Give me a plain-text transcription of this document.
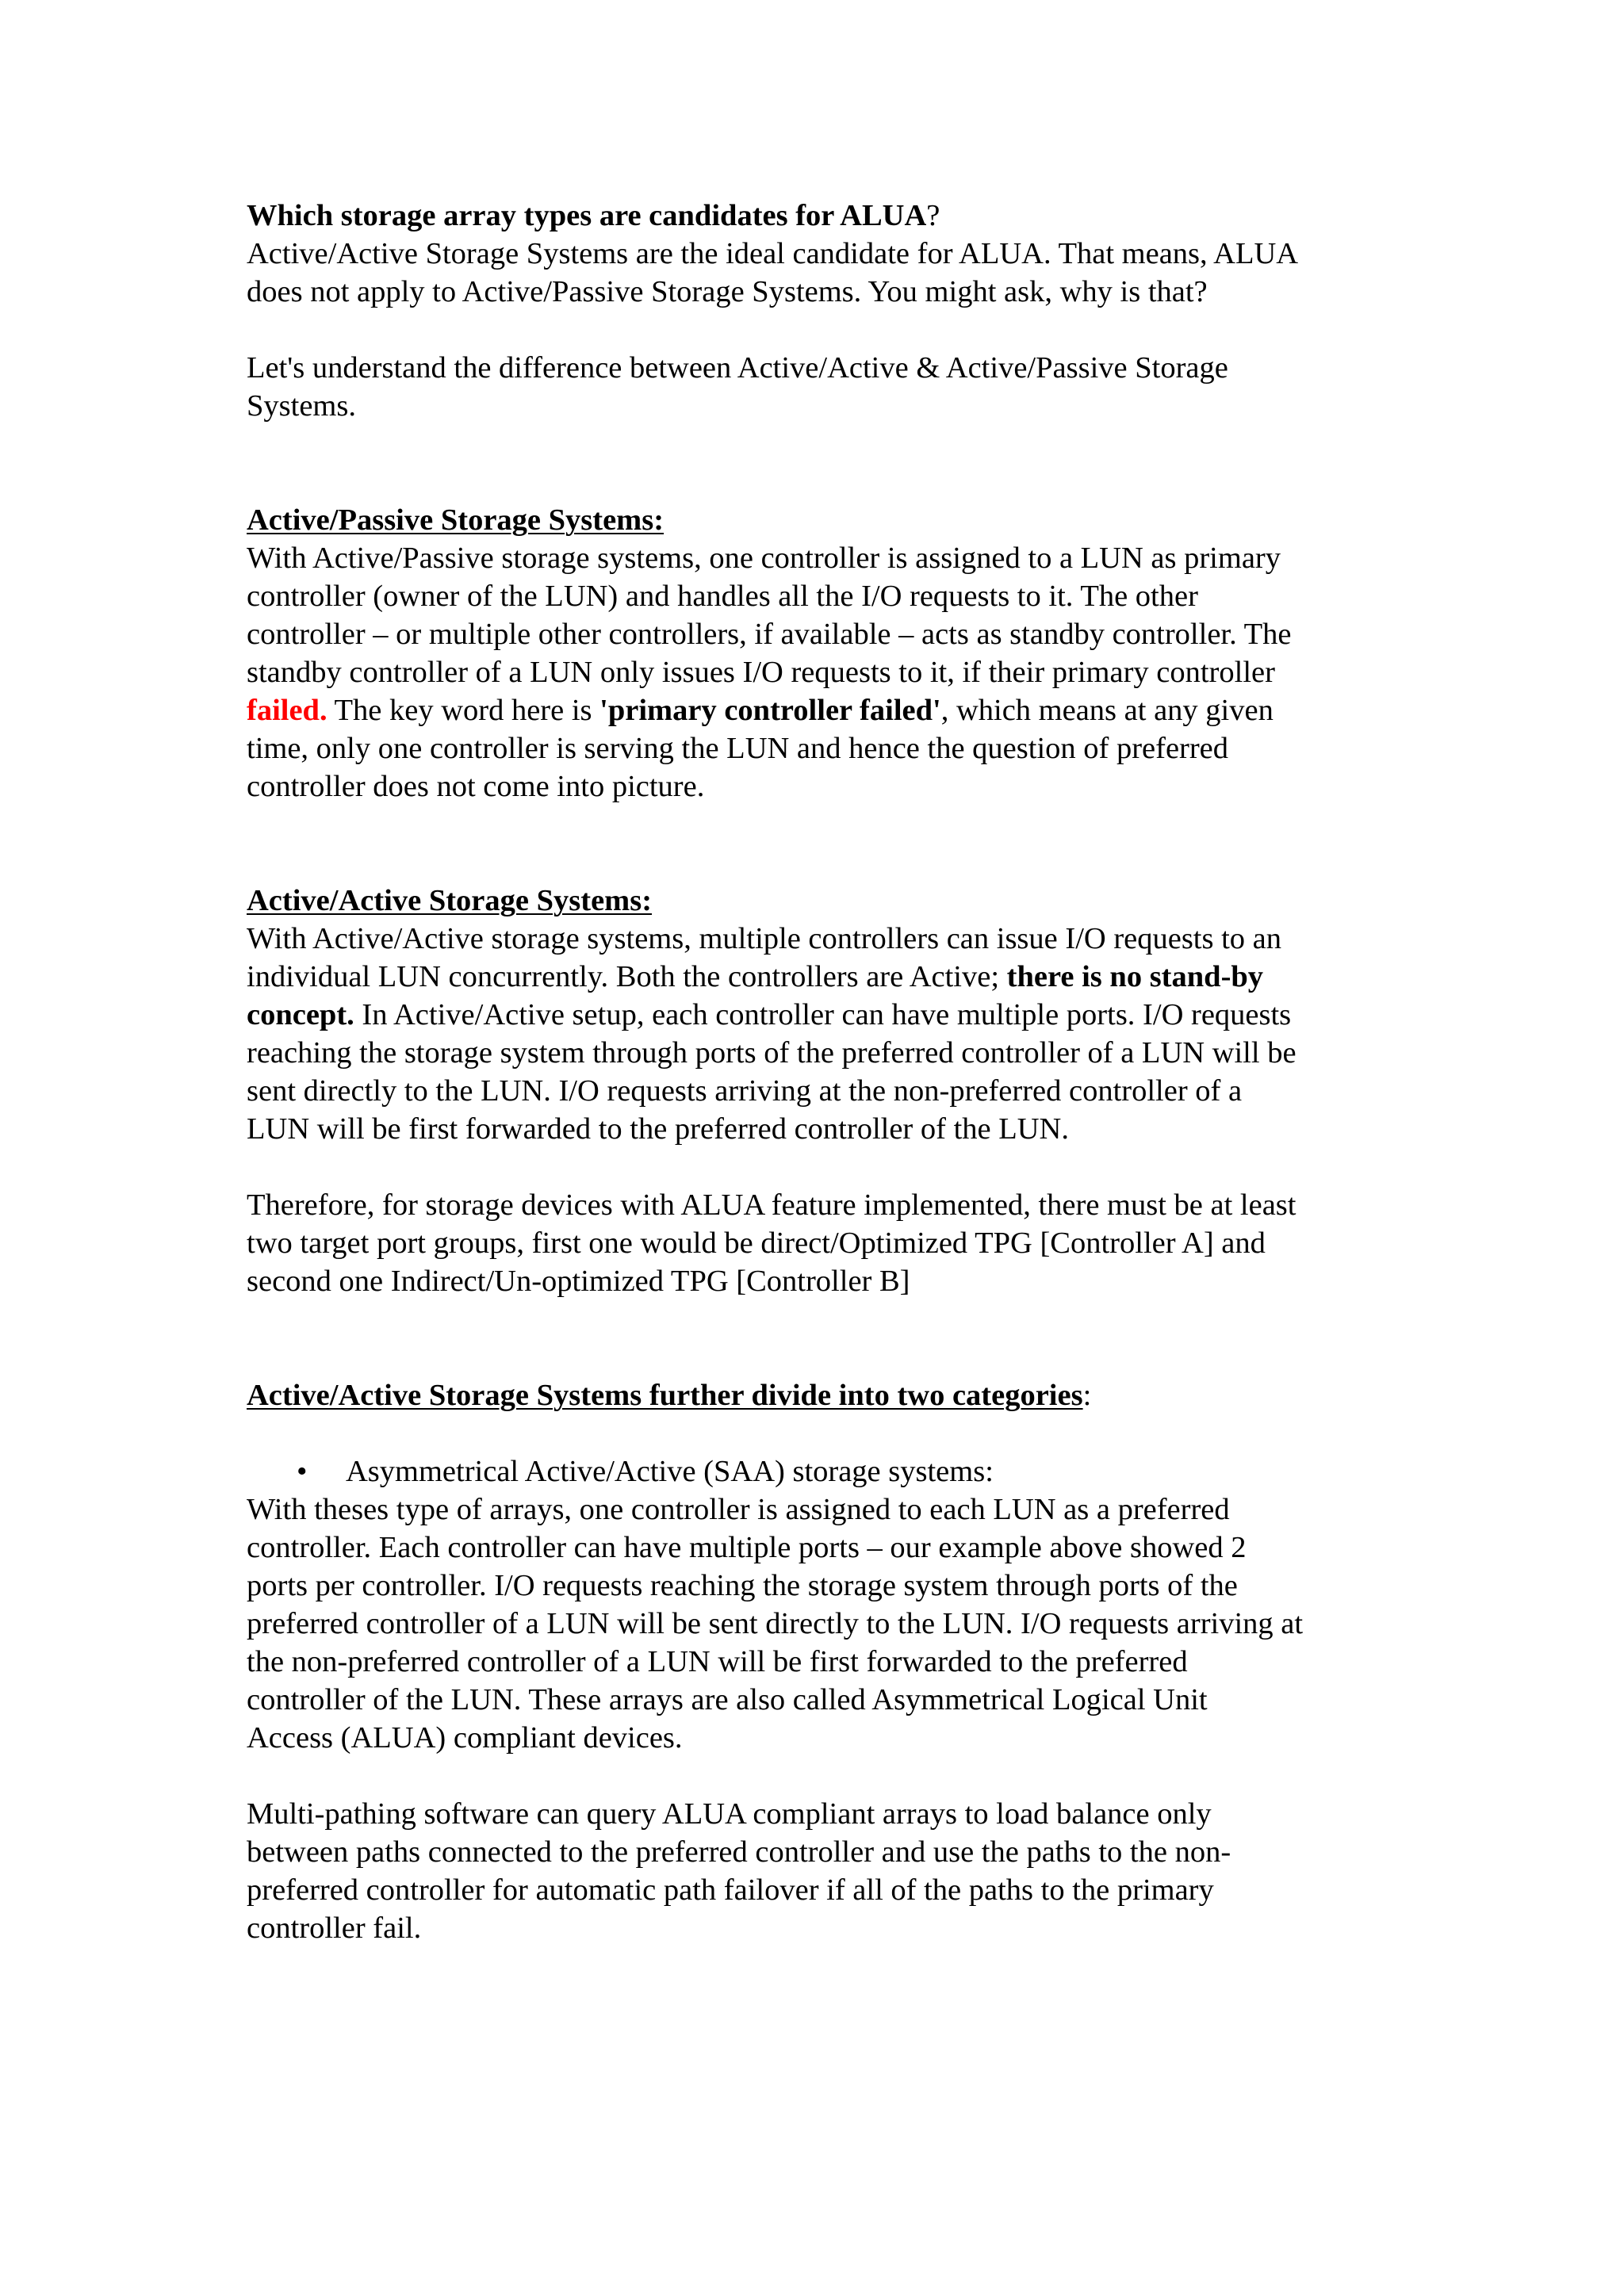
Which storage array types are candidates for ALUA?
Active/Active Storage Systems are the ideal candidate for ALUA. That means, ALUA
does not apply to Active/Passive Storage Systems. You might ask, why is that?
Let's understand the difference between Active/Active & Active/Passive Storage
Systems.
Active/Passive Storage Systems:
With Active/Passive storage systems, one controller is assigned to a LUN as primary
controller (owner of the LUN) and handles all the I/O requests to it. The other
controller – or multiple other controllers, if available – acts as standby controller. The
standby controller of a LUN only issues I/O requests to it, if their primary controller
failed. The key word here is 'primary controller failed', which means at any given
time, only one controller is serving the LUN and hence the question of preferred
controller does not come into picture.
Active/Active Storage Systems:
With Active/Active storage systems, multiple controllers can issue I/O requests to an
individual LUN concurrently. Both the controllers are Active; there is no stand-by
concept. In Active/Active setup, each controller can have multiple ports. I/O requests
reaching the storage system through ports of the preferred controller of a LUN will be
sent directly to the LUN. I/O requests arriving at the non-preferred controller of a
LUN will be first forwarded to the preferred controller of the LUN.
Therefore, for storage devices with ALUA feature implemented, there must be at least
two target port groups, first one would be direct/Optimized TPG [Controller A] and
second one Indirect/Un-optimized TPG [Controller B]
Active/Active Storage Systems further divide into two categories:
• Asymmetrical Active/Active (SAA) storage systems:
With theses type of arrays, one controller is assigned to each LUN as a preferred
controller. Each controller can have multiple ports – our example above showed 2
ports per controller. I/O requests reaching the storage system through ports of the
preferred controller of a LUN will be sent directly to the LUN. I/O requests arriving at
the non-preferred controller of a LUN will be first forwarded to the preferred
controller of the LUN. These arrays are also called Asymmetrical Logical Unit
Access (ALUA) compliant devices.
Multi-pathing software can query ALUA compliant arrays to load balance only
between paths connected to the preferred controller and use the paths to the non-
preferred controller for automatic path failover if all of the paths to the primary
controller fail.
